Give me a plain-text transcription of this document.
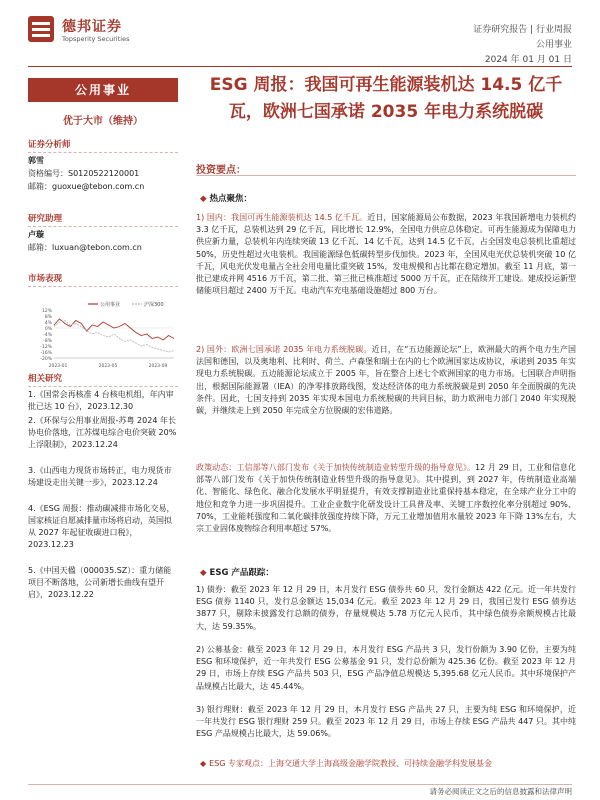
德邦证券
Topsperity Securities
证券研究报告 | 行业周报
公用事业
2024 年 01 月 01 日
公用事业
优于大市（维持）
证券分析师
郭雪
资格编号：S0120522120001
邮箱：guoxue@tebon.com.cn
研究助理
卢璇
邮箱：luxuan@tebon.com.cn
市场表现
12%
8%
4%
0%
-4%
-8%
-12%
-16%
-20%
2023-01	2023-05	2023-09
公用事业	沪深300
相关研究
1.《国常会再核准 4 台核电机组，年内审批已达 10 台》，2023.12.30
2.《环保与公用事业周报-苏粤 2024 年长协电价落地，江苏煤电综合电价突破 20%上浮限制》，2023.12.24
3.《山西电力现货市场转正，电力现货市场建设走出关键一步》，2023.12.24
4.《ESG 周报：推动碳减排市场化交易，国家核证自愿减排量市场将启动，英国拟从 2027 年起征收碳进口税》，2023.12.23
5.《中国天楹（000035.SZ）：重力储能项目不断落地，公司新增长曲线有望开启》，2023.12.22
ESG 周报：我国可再生能源装机达 14.5 亿千瓦，欧洲七国承诺 2035 年电力系统脱碳
投资要点：
◆ 热点聚焦：
1) 国内：我国可再生能源装机达 14.5 亿千瓦。近日，国家能源局公布数据，2023 年我国新增电力装机约 3.3 亿千瓦，总装机达到 29 亿千瓦，同比增长 12.9%，全国电力供应总体稳定。可再生能源成为保障电力供应新力量，总装机年内连续突破 13 亿千瓦、14 亿千瓦，达到 14.5 亿千瓦，占全国发电总装机比重超过 50%，历史性超过火电装机。我国能源绿色低碳转型步伐加快。2023 年，全国风电光伏总装机突破 10 亿千瓦，风电光伏发电量占全社会用电量比重突破 15%，发电规模和占比都在稳定增加。截至 11 月底，第一批已建成并网 4516 万千瓦，第二批、第三批已核准超过 5000 万千瓦，正在陆续开工建设。建成投运新型储能项目超过 2400 万千瓦。电动汽车充电基础设施超过 800 万台。
2) 国外：欧洲七国承诺 2035 年电力系统脱碳。近日，在“五边能源论坛”上，欧洲最大的两个电力生产国法国和德国，以及奥地利、比利时、荷兰、卢森堡和瑞士在内的七个欧洲国家达成协议，承诺到 2035 年实现电力系统脱碳。五边能源论坛成立于 2005 年，旨在整合上述七个欧洲国家的电力市场。七国联合声明指出，根据国际能源署（IEA）的净零排放路线图，发达经济体的电力系统脱碳是到 2050 年全面脱碳的先决条件。因此，七国支持到 2035 年实现本国电力系统脱碳的共同目标，助力欧洲电力部门 2040 年实现脱碳，并继续走上到 2050 年完成全方位脱碳的宏伟道路。
政策动态：工信部等八部门发布《关于加快传统制造业转型升级的指导意见》。12 月 29 日，工业和信息化部等八部门发布《关于加快传统制造业转型升级的指导意见》。其中提到，到 2027 年，传统制造业高端化、智能化、绿色化、融合化发展水平明显提升，有效支撑制造业比重保持基本稳定，在全球产业分工中的地位和竞争力进一步巩固提升。工业企业数字化研发设计工具普及率、关键工序数控化率分别超过 90%、70%，工业能耗强度和二氧化碳排放强度持续下降，万元工业增加值用水量较 2023 年下降 13%左右，大宗工业固体废物综合利用率超过 57%。
◆ ESG 产品跟踪：
1) 债券：截至 2023 年 12 月 29 日，本月发行 ESG 债券共 60 只，发行金额达 422 亿元。近一年共发行 ESG 债券 1140 只，发行总金额达 15,034 亿元。截至 2023 年 12 月 29 日，我国已发行 ESG 债券达 3877 只，剔除未披露发行总额的债券，存量规模达 5.78 万亿元人民币，其中绿色债券余额规模占比最大，达 59.35%。
2) 公募基金：截至 2023 年 12 月 29 日，本月发行 ESG 产品共 3 只，发行份额为 3.90 亿份，主要为纯 ESG 和环境保护，近一年共发行 ESG 公募基金 91 只，发行总份额为 425.36 亿份。截至 2023 年 12 月 29 日，市场上存续 ESG 产品共 503 只，ESG 产品净值总规模达 5,395.68 亿元人民币。其中环境保护产品规模占比最大，达 45.44%。
3) 银行理财：截至 2023 年 12 月 29 日，本月发行 ESG 产品共 27 只，主要为纯 ESG 和环境保护，近一年共发行 ESG 银行理财 259 只。截至 2023 年 12 月 29 日，市场上存续 ESG 产品共 447 只。其中纯 ESG 产品规模占比最大，达 59.06%。
◆ ESG 专家观点：上海交通大学上海高级金融学院教授、可持续金融学科发展基金
请务必阅读正文之后的信息披露和法律声明
